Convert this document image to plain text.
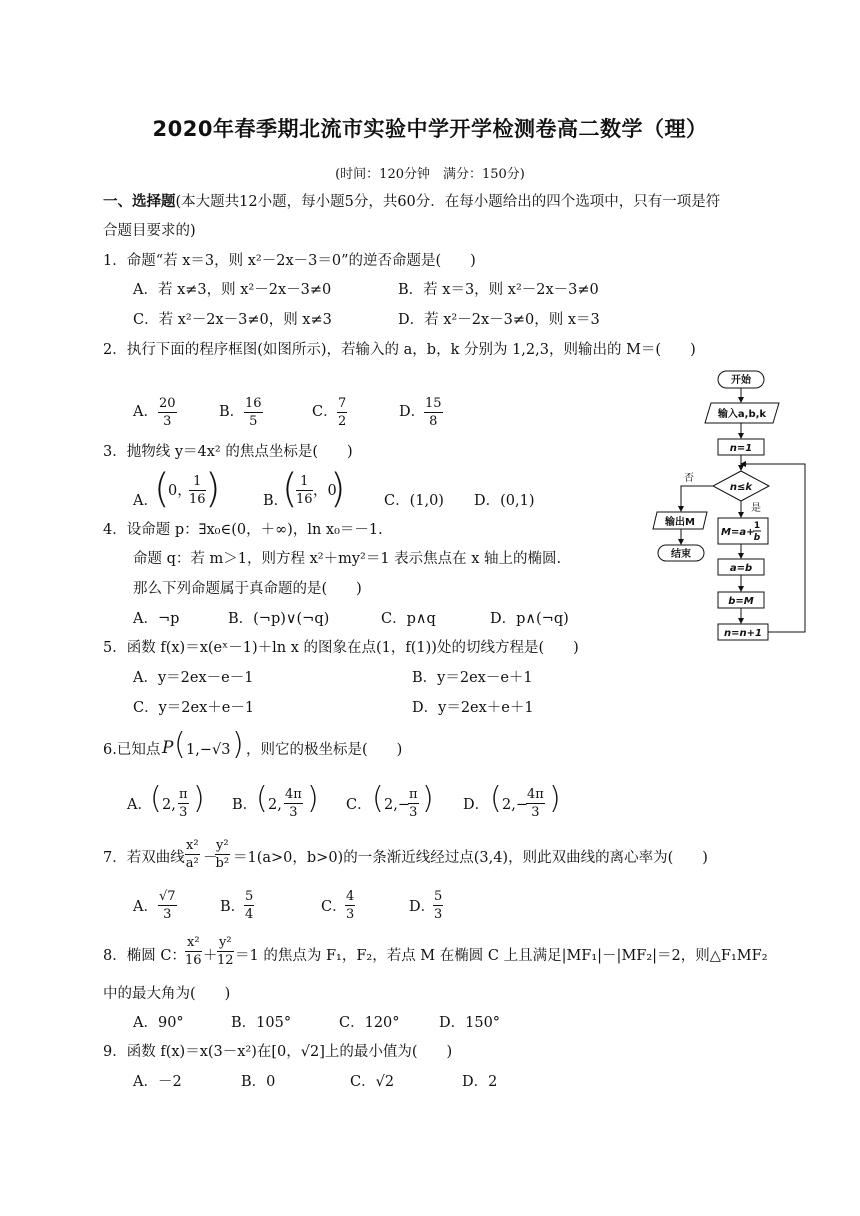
2020年春季期北流市实验中学开学检测卷高二数学（理）
(时间：120分钟　满分：150分)
一、选择题(本大题共12小题，每小题5分，共60分．在每小题给出的四个选项中，只有一项是符
合题目要求的)
1．命题“若 x＝3，则 x²－2x－3＝0”的逆否命题是(　　)
A．若 x≠3，则 x²－2x－3≠0	B．若 x＝3，则 x²－2x－3≠0
C．若 x²－2x－3≠0，则 x≠3	D．若 x²－2x－3≠0，则 x＝3
2．执行下面的程序框图(如图所示)，若输入的 a，b，k 分别为 1,2,3，则输出的 M＝(　　)
A．
20
3
B．
16
5
C．
7
2
D．
15
8
3．抛物线 y＝4x² 的焦点坐标是(　　)
A．
(
0，
1
16 )	B．
( 1
16
，0
)	C．(1,0) D．(0,1)
4．设命题 p：∃x₀∈(0，＋∞)，ln x₀＝－1.
命题 q：若 m＞1，则方程 x²＋my²＝1 表示焦点在 x 轴上的椭圆.
那么下列命题属于真命题的是(　　)
A．¬p	B．(¬p)∨(¬q)	C．p∧q	D．p∧(¬q)
5．函数 f(x)＝x(eˣ－1)＋ln x 的图象在点(1，f(1))处的切线方程是(　　)
A．y＝2ex－e－1	B．y＝2ex－e＋1
C．y＝2ex＋e－1	D．y＝2ex＋e＋1
6.已知点 P ( 1,−√3 ) ，则它的极坐标是(　　)
A．
( 2,
π
3 ) B．
( 2,
4π
3 ) C． ( 2,−
π
3 ) D． ( 2,−
4π
3 )
7．若双曲线
x²
a² －
y²
b² ＝1(a>0，b>0)的一条渐近线经过点(3,4)，则此双曲线的离心率为(　　)
A．
√7
3	B．
5
4	C．
4
3	D．
5
3
8．椭圆 C：
x²
16 ＋
y²
12 ＝1 的焦点为 F₁，F₂，若点 M 在椭圆 C 上且满足|MF₁|－|MF₂|＝2，则△F₁MF₂
中的最大角为(　　)
A．90°	B．105°	C．120°	D．150°
9．函数 f(x)＝x(3－x²)在[0，√2]上的最小值为(　　)
A．－2	B．0	C．√2	D．2
开始
输入a,b,k
n=1
n≤k
否
是
输出M
结束
M=a+
1
b
a=b
b=M
n=n+1
